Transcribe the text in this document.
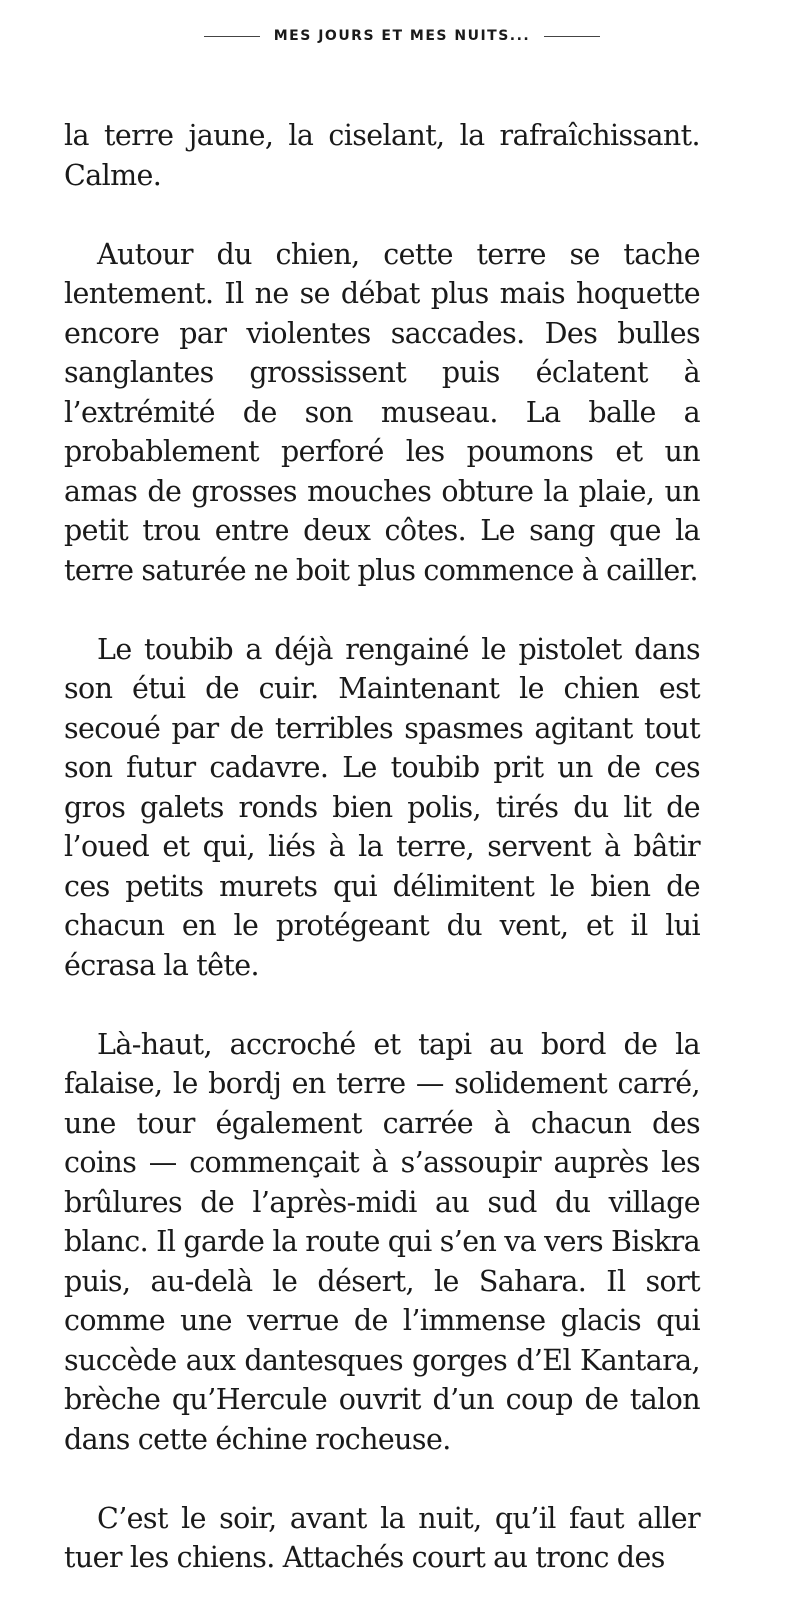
MES JOURS ET MES NUITS...

la terre jaune, la ciselant, la rafraîchissant. Calme.

Autour du chien, cette terre se tache lentement. Il ne se débat plus mais hoquette encore par violentes saccades. Des bulles sanglantes grossissent puis éclatent à l’extrémité de son museau. La balle a probablement perforé les poumons et un amas de grosses mouches obture la plaie, un petit trou entre deux côtes. Le sang que la terre saturée ne boit plus commence à cailler.

Le toubib a déjà rengainé le pistolet dans son étui de cuir. Maintenant le chien est secoué par de terribles spasmes agitant tout son futur cadavre. Le toubib prit un de ces gros galets ronds bien polis, tirés du lit de l’oued et qui, liés à la terre, servent à bâtir ces petits murets qui délimitent le bien de chacun en le protégeant du vent, et il lui écrasa la tête.

Là-haut, accroché et tapi au bord de la falaise, le bordj en terre — solidement carré, une tour également carrée à chacun des coins — commençait à s’assoupir auprès les brûlures de l’après-midi au sud du village blanc. Il garde la route qui s’en va vers Biskra puis, au-delà le désert, le Sahara. Il sort comme une verrue de l’immense glacis qui succède aux dantesques gorges d’El Kantara, brèche qu’Hercule ouvrit d’un coup de talon dans cette échine rocheuse.

C’est le soir, avant la nuit, qu’il faut aller tuer les chiens. Attachés court au tronc des
